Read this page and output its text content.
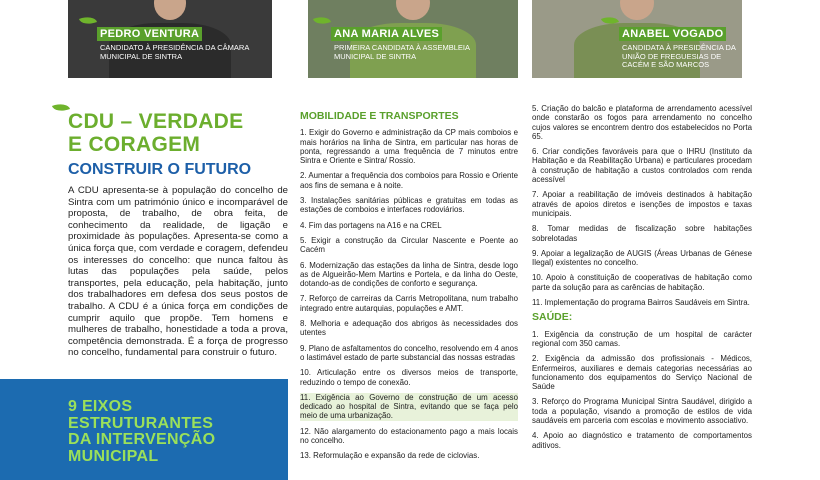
PEDRO VENTURA
CANDIDATO À PRESIDÊNCIA DA CÂMARA MUNICIPAL DE SINTRA
ANA MARIA ALVES
PRIMEIRA CANDIDATA À ASSEMBLEIA MUNICIPAL DE SINTRA
ANABEL VOGADO
CANDIDATA À PRESIDÊNCIA DA UNIÃO DE FREGUESIAS DE CACÉM E SÃO MARCOS
CDU – VERDADE
E CORAGEM
CONSTRUIR O FUTURO
A CDU apresenta-se à população do concelho de Sintra com um património único e incomparável de proposta, de trabalho, de obra feita, de conhecimento da realidade, de ligação e proximidade às populações. Apresenta-se como a única força que, com verdade e coragem, defendeu os interesses do concelho: que nunca faltou às lutas das populações pela saúde, pelos transportes, pela educação, pela habitação, junto dos trabalhadores em defesa dos seus postos de trabalho. A CDU é a única força em condições de cumprir aquilo que propõe. Tem homens e mulheres de trabalho, honestidade a toda a prova, competência demonstrada. É a força de progresso no concelho, fundamental para construir o futuro.
9 EIXOS
ESTRUTURANTES
DA INTERVENÇÃO
MUNICIPAL
MOBILIDADE E TRANSPORTES
1. Exigir do Governo e administração da CP mais comboios e mais horários na linha de Sintra, em particular nas horas de ponta, regressando a uma frequência de 7 minutos entre Sintra e Oriente e Sintra/ Rossio.
2. Aumentar a frequência dos comboios para Rossio e Oriente aos fins de semana e à noite.
3. Instalações sanitárias públicas e gratuitas em todas as estações de comboios e interfaces rodoviários.
4. Fim das portagens na A16 e na CREL
5. Exigir a construção da Circular Nascente e Poente ao Cacém
6. Modernização das estações da linha de Sintra, desde logo as de Algueirão-Mem Martins e Portela, e da linha do Oeste, dotando-as de condições de conforto e segurança.
7. Reforço de carreiras da Carris Metropolitana, num trabalho integrado entre autarquias, populações e AMT.
8. Melhoria e adequação dos abrigos às necessidades dos utentes
9. Plano de asfaltamentos do concelho, resolvendo em 4 anos o lastimável estado de parte substancial das nossas estradas
10. Articulação entre os diversos meios de transporte, reduzindo o tempo de conexão.
11. Exigência ao Governo de construção de um acesso dedicado ao hospital de Sintra, evitando que se faça pelo meio de uma urbanização.
12. Não alargamento do estacionamento pago a mais locais no concelho.
13. Reformulação e expansão da rede de ciclovias.
5. Criação do balcão e plataforma de arrendamento acessível onde constarão os fogos para arrendamento no concelho cujos valores se encontrem dentro dos estabelecidos no Porta 65.
6. Criar condições favoráveis para que o IHRU (Instituto da Habitação e da Reabilitação Urbana) e particulares procedam à construção de habitação a custos controlados com renda acessível
7. Apoiar a reabilitação de imóveis destinados à habitação através de apoios diretos e isenções de impostos e taxas municipais.
8. Tomar medidas de fiscalização sobre habitações sobrelotadas
9. Apoiar a legalização de AUGIS (Áreas Urbanas de Génese Ilegal) existentes no concelho.
10. Apoio à constituição de cooperativas de habitação como parte da solução para as carências de habitação.
11. Implementação do programa Bairros Saudáveis em Sintra.
SAÚDE:
1. Exigência da construção de um hospital de carácter regional com 350 camas.
2. Exigência da admissão dos profissionais - Médicos, Enfermeiros, auxiliares e demais categorias necessárias ao funcionamento dos equipamentos do Serviço Nacional de Saúde
3. Reforço do Programa Municipal Sintra Saudável, dirigido a toda a população, visando a promoção de estilos de vida saudáveis em parceria com escolas e movimento associativo.
4. Apoio ao diagnóstico e tratamento de comportamentos aditivos.
